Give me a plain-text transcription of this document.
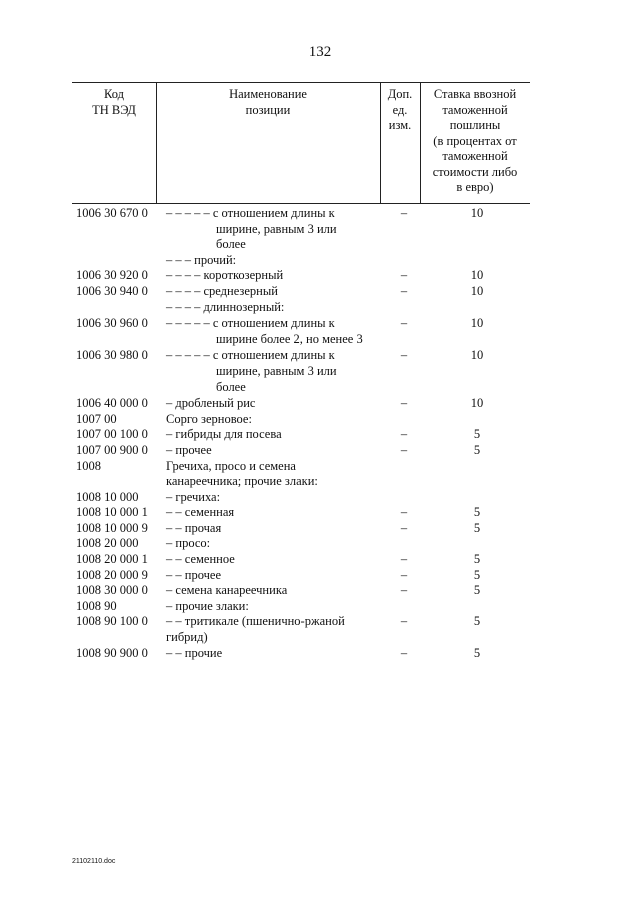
132
Код
ТН ВЭД
Наименование
позиции
Доп.
ед.
изм.
Ставка ввозной
таможенной
пошлины
(в процентах от
таможенной
стоимости либо
в евро)
1006 30 670 0	– – – – – с отношением длины к
ширине, равным 3 или
более
–	10
– – – прочий:
1006 30 920 0	– – – – короткозерный	–	10
1006 30 940 0	– – – – среднезерный	–	10
– – – – длиннозерный:
1006 30 960 0	– – – – – с отношением длины к
ширине более 2, но менее 3
–	10
1006 30 980 0	– – – – – с отношением длины к
ширине, равным 3 или
более
–	10
1006 40 000 0	– дробленый рис	–	10
1007 00	Сорго зерновое:
1007 00 100 0	– гибриды для посева	–	5
1007 00 900 0	– прочее	–	5
1008	Гречиха, просо и семена
канареечника; прочие злаки:
1008 10 000	– гречиха:
1008 10 000 1	– – семенная	–	5
1008 10 000 9	– – прочая	–	5
1008 20 000	– просо:
1008 20 000 1	– – семенное	–	5
1008 20 000 9	– – прочее	–	5
1008 30 000 0	– семена канареечника	–	5
1008 90	– прочие злаки:
1008 90 100 0	– – тритикале (пшенично-ржаной
гибрид)
–	5
1008 90 900 0	– – прочие	–	5
21102110.doc
